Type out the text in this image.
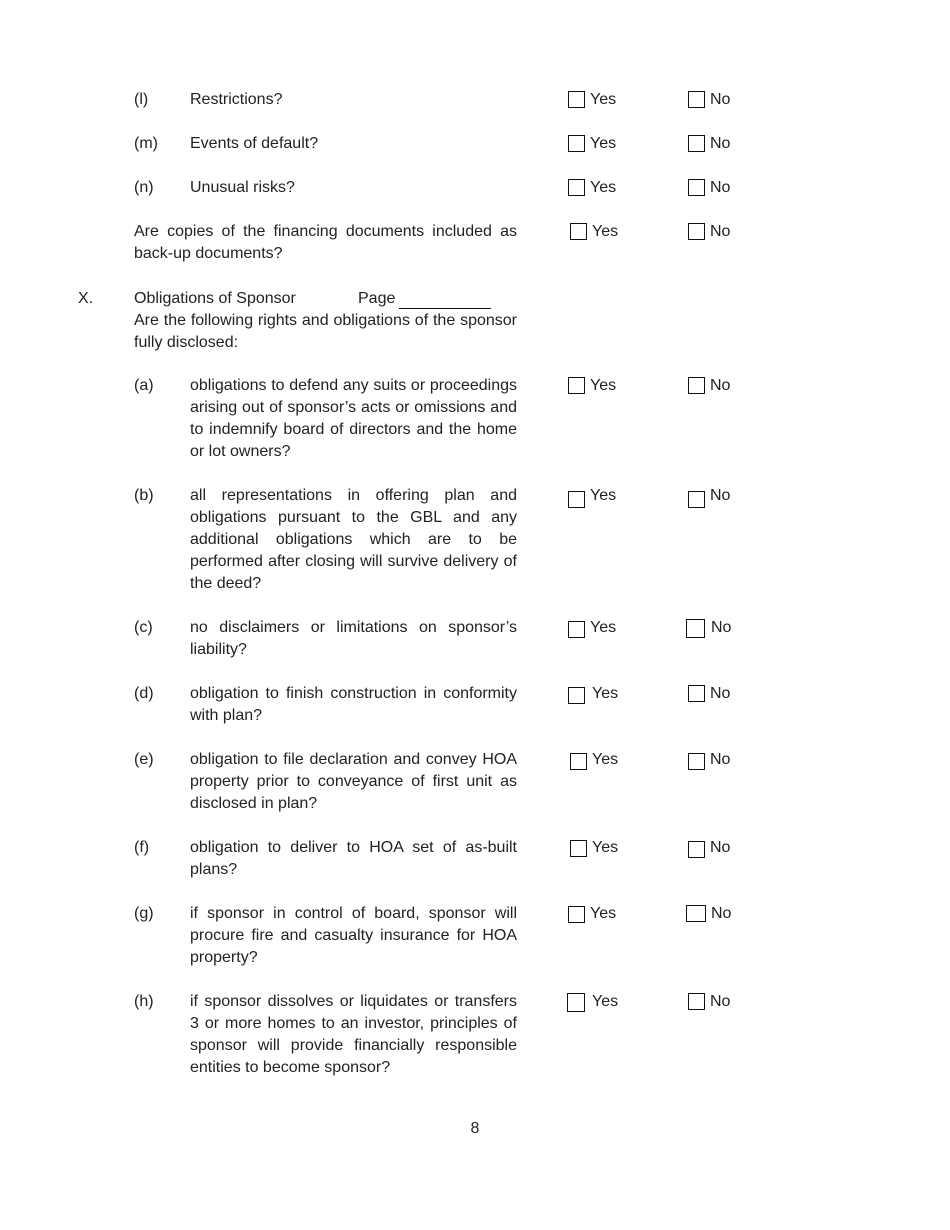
(l)	Restrictions?	Yes	No
(m) Events of default?	Yes	No
(n) Unusual risks?	Yes	No
Are copies of the financing documents included as back-up documents?
Yes	No
X.	Obligations of Sponsor	Page
Are the following rights and obligations of the sponsor fully disclosed:
(a) obligations to defend any suits or proceedings arising out of sponsor’s acts or omissions and to indemnify board of directors and the home or lot owners?
Yes	No
(b) all representations in offering plan and obligations pursuant to the GBL and any additional obligations which are to be performed after closing will survive delivery of the deed?
Yes	No
(c) no disclaimers or limitations on sponsor’s liability?
Yes	No
(d) obligation to finish construction in conformity with plan?
Yes	No
(e) obligation to file declaration and convey HOA property prior to conveyance of first unit as disclosed in plan?
Yes	No
(f)	obligation to deliver to HOA set of as-built plans?
Yes	No
(g) if sponsor in control of board, sponsor will procure fire and casualty insurance for HOA property?
Yes	No
(h) if sponsor dissolves or liquidates or transfers 3 or more homes to an investor, principles of sponsor will provide financially responsible entities to become sponsor?
Yes	No
8
